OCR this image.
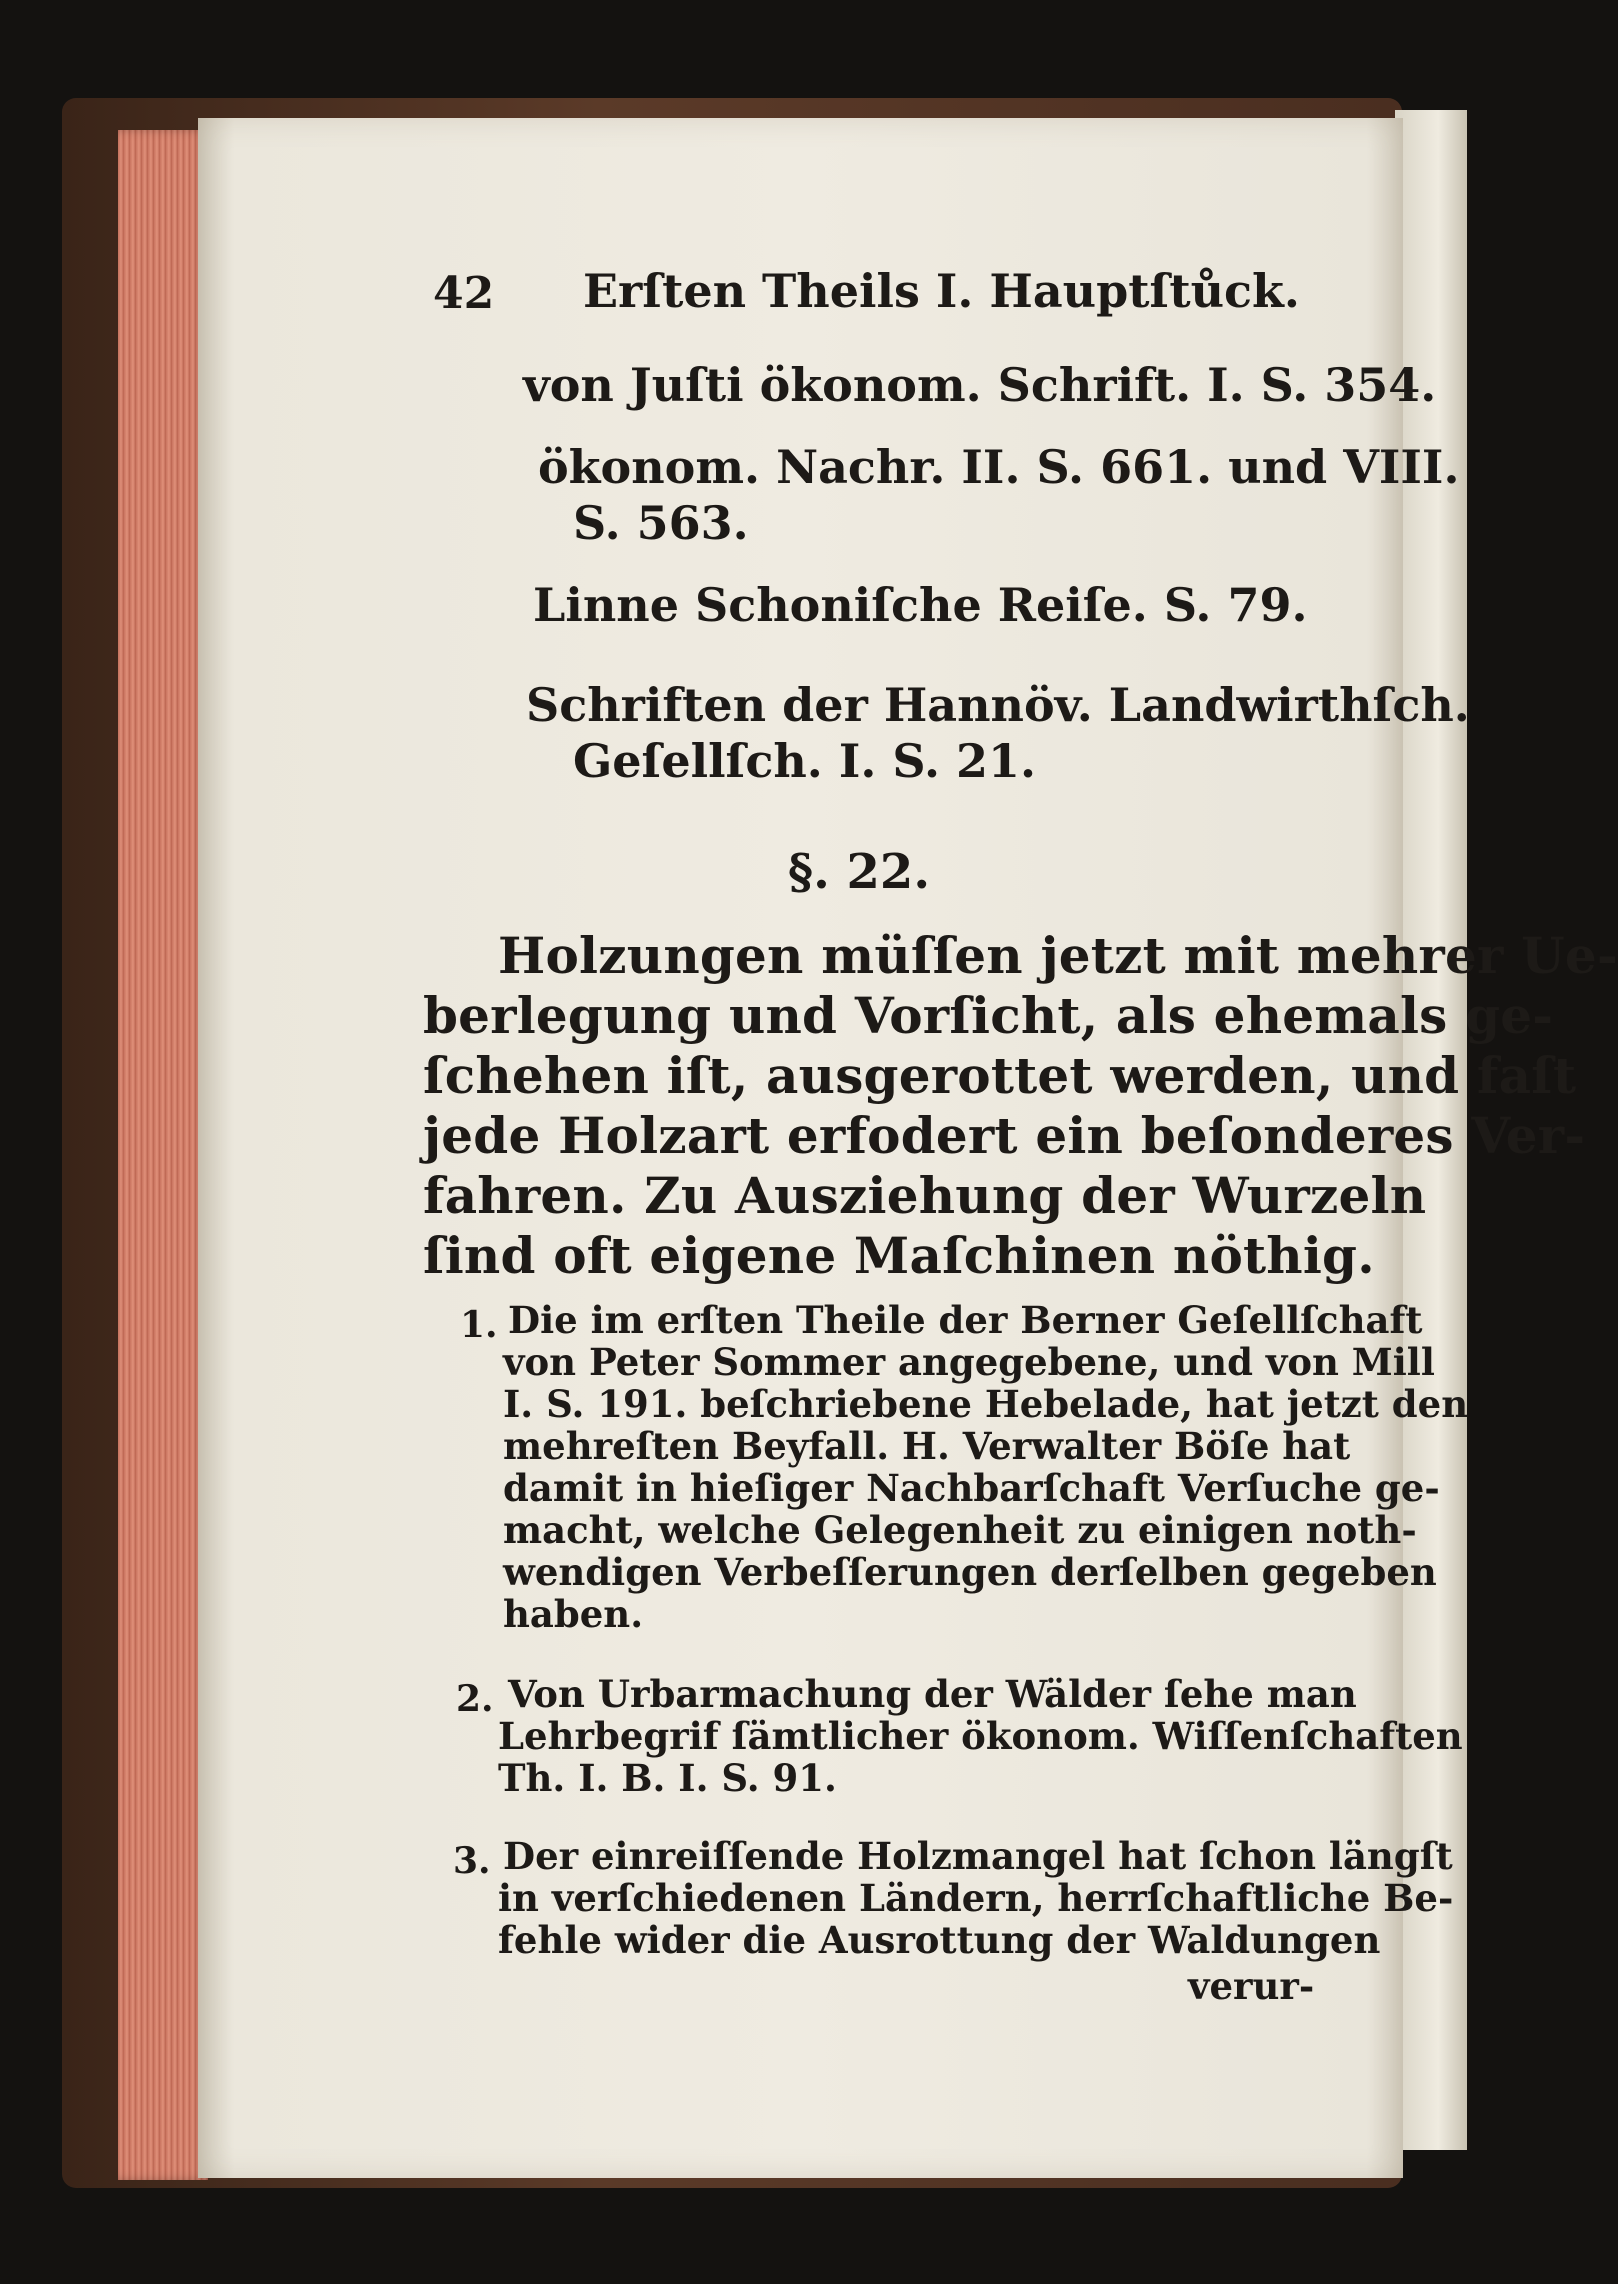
42 Erſten Theils I. Hauptſtůck.
von Juſti ökonom. Schrift. I. S. 354.
ökonom. Nachr. II. S. 661. und VIII.
S. 563.
Linne Schoniſche Reiſe. S. 79.
Schriften der Hannöv. Landwirthſch.
Geſellſch. I. S. 21.
§. 22.
Holzungen müſſen jetzt mit mehrer Ue-
berlegung und Vorſicht, als ehemals ge-
ſchehen iſt, ausgerottet werden, und faſt
jede Holzart erfodert ein beſonderes Ver-
fahren. Zu Ausziehung der Wurzeln
ſind oft eigene Maſchinen nöthig.
1. Die im erſten Theile der Berner Geſellſchaft
von Peter Sommer angegebene, und von Mill
I. S. 191. beſchriebene Hebelade, hat jetzt den
mehreſten Beyfall. H. Verwalter Böſe hat
damit in hieſiger Nachbarſchaft Verſuche ge-
macht, welche Gelegenheit zu einigen noth-
wendigen Verbeſſerungen derſelben gegeben
haben.
2. Von Urbarmachung der Wälder ſehe man
Lehrbegrif ſämtlicher ökonom. Wiſſenſchaften
Th. I. B. I. S. 91.
3. Der einreiſſende Holzmangel hat ſchon längſt
in verſchiedenen Ländern, herrſchaftliche Be-
fehle wider die Ausrottung der Waldungen
verur-
